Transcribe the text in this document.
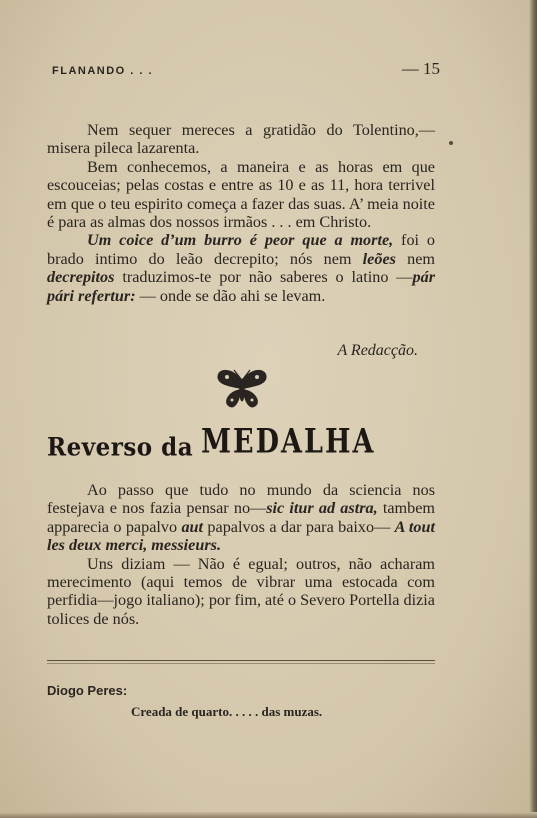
FLANANDO . . .	— 15

Nem sequer mereces a gratidão do Tolentino,— misera pileca lazarenta.

Bem conhecemos, a maneira e as horas em que escouceias; pelas costas e entre as 10 e as 11, hora terrivel em que o teu espirito começa a fazer das suas. A’ meia noite é para as almas dos nossos irmãos . . . em Christo.

Um coice d’um burro é peor que a morte, foi o brado intimo do leão decrepito; nós nem leões nem decrepitos traduzimos-te por não saberes o latino —pár pári refertur: — onde se dão ahi se levam.

A Redacção.
Reverso da MEDALHA

Ao passo que tudo no mundo da sciencia nos festejava e nos fazia pensar no—sic itur ad astra, tambem apparecia o papalvo aut papalvos a dar para baixo— A tout les deux merci, messieurs.

Uns diziam — Não é egual; outros, não acharam merecimento (aqui temos de vibrar uma estocada com perfidia—jogo italiano); por fim, até o Severo Portella dizia tolices de nós.

Diogo Peres:
Creada de quarto. . . . . das muzas.
